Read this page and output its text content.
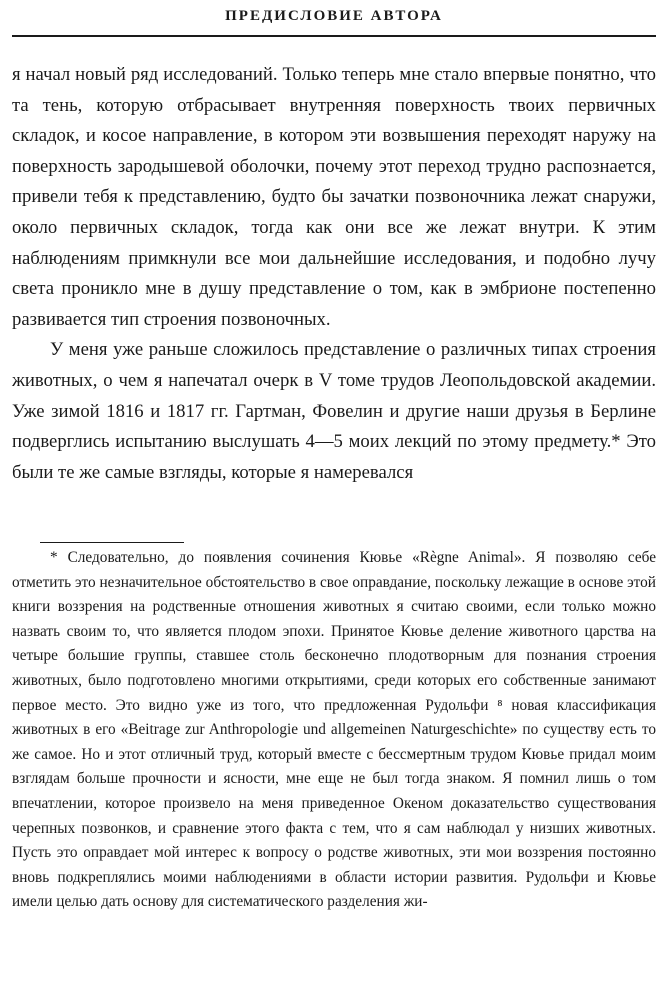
ПРЕДИСЛОВИЕ АВТОРА

я начал новый ряд исследований. Только теперь мне стало впервые понятно, что та тень, которую отбрасывает внутренняя поверхность твоих первичных складок, и косое направление, в котором эти возвышения переходят наружу на поверхность зародышевой оболочки, почему этот переход трудно распознается, привели тебя к представлению, будто бы зачатки позвоночника лежат снаружи, около первичных складок, тогда как они все же лежат внутри. К этим наблюдениям примкнули все мои дальнейшие исследования, и подобно лучу света проникло мне в душу представление о том, как в эмбрионе постепенно развивается тип строения позвоночных.

У меня уже раньше сложилось представление о различных типах строения животных, о чем я напечатал очерк в V томе трудов Леопольдовской академии. Уже зимой 1816 и 1817 гг. Гартман, Фовелин и другие наши друзья в Берлине подверглись испытанию выслушать 4—5 моих лекций по этому предмету.* Это были те же самые взгляды, которые я намеревался

* Следовательно, до появления сочинения Кювье «Règne Animal». Я позволяю себе отметить это незначительное обстоятельство в свое оправдание, поскольку лежащие в основе этой книги воззрения на родственные отношения животных я считаю своими, если только можно назвать своим то, что является плодом эпохи. Принятое Кювье деление животного царства на четыре большие группы, ставшее столь бесконечно плодотворным для познания строения животных, было подготовлено многими открытиями, среди которых его собственные занимают первое место. Это видно уже из того, что предложенная Рудольфи ⁸ новая классификация животных в его «Beitrage zur Anthropologie und allgemeinen Naturgeschichte» по существу есть то же самое. Но и этот отличный труд, который вместе с бессмертным трудом Кювье придал моим взглядам больше прочности и ясности, мне еще не был тогда знаком. Я помнил лишь о том впечатлении, которое произвело на меня приведенное Океном доказательство существования черепных позвонков, и сравнение этого факта с тем, что я сам наблюдал у низших животных. Пусть это оправдает мой интерес к вопросу о родстве животных, эти мои воззрения постоянно вновь подкреплялись моими наблюдениями в области истории развития. Рудольфи и Кювье имели целью дать основу для систематического разделения жи-
